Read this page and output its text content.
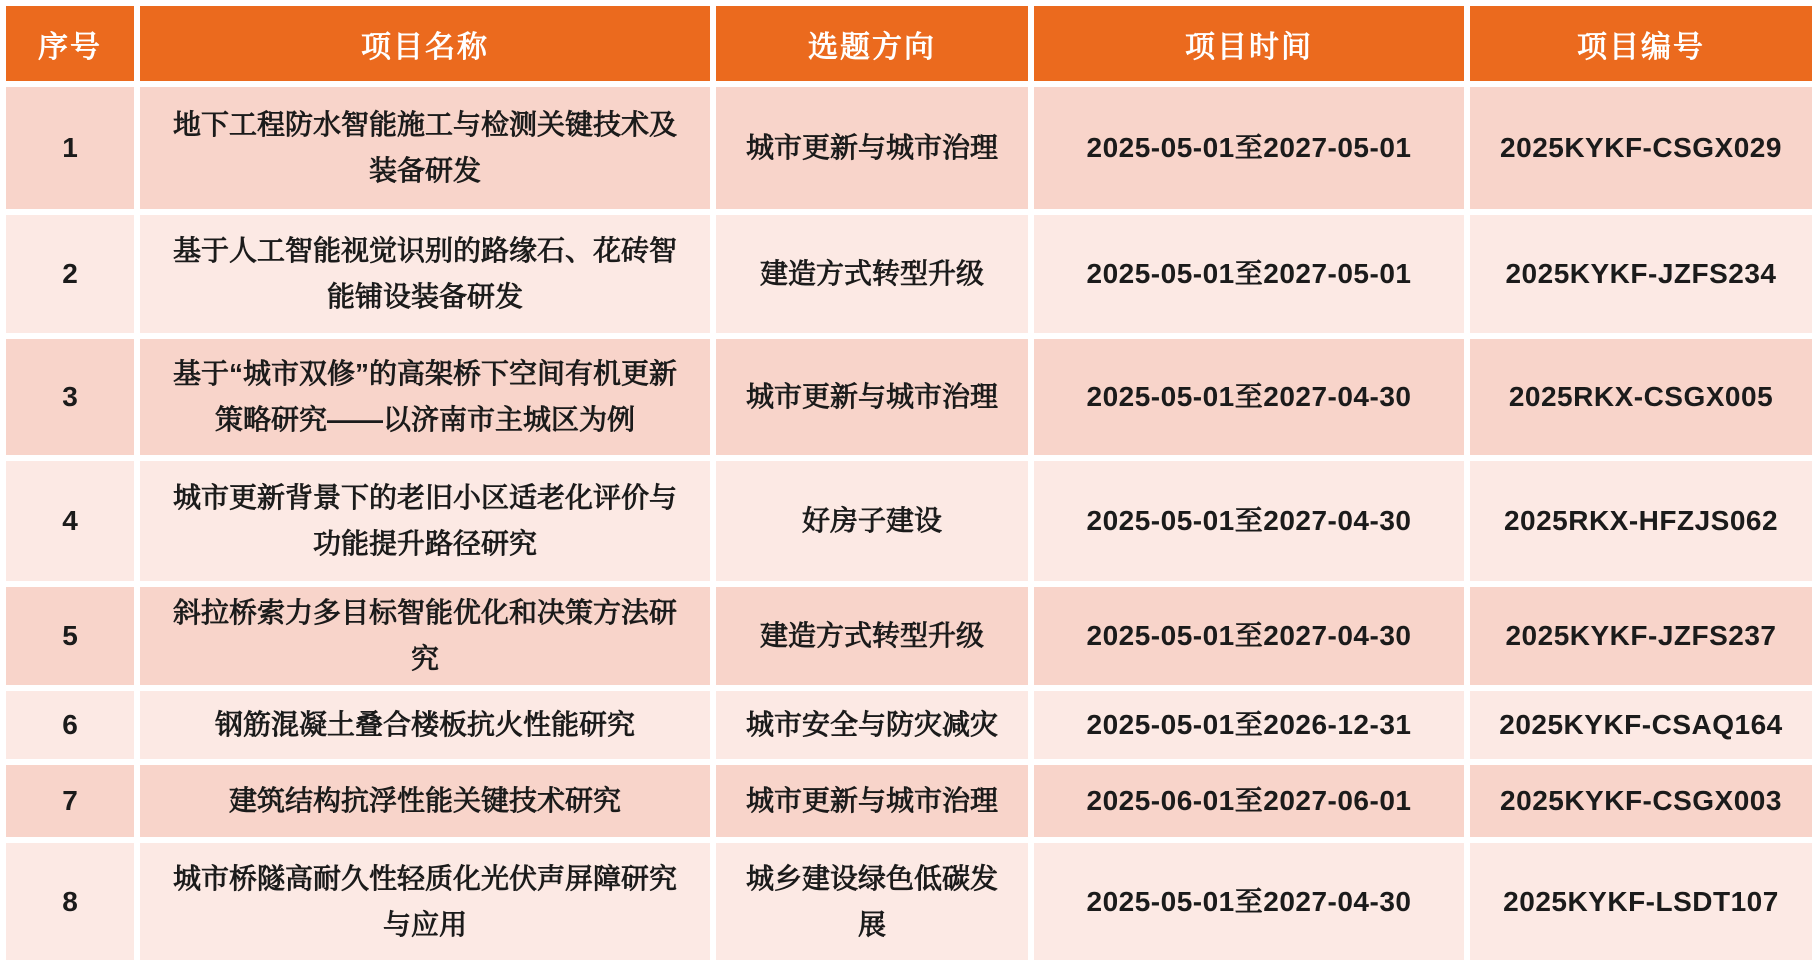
序号	项目名称	选题方向	项目时间	项目编号
1	地下工程防水智能施工与检测关键技术及装备研发	城市更新与城市治理	2025-05-01至2027-05-01	2025KYKF-CSGX029
2	基于人工智能视觉识别的路缘石、花砖智能铺设装备研发	建造方式转型升级	2025-05-01至2027-05-01	2025KYKF-JZFS234
3	基于“城市双修”的高架桥下空间有机更新策略研究——以济南市主城区为例	城市更新与城市治理	2025-05-01至2027-04-30	2025RKX-CSGX005
4	城市更新背景下的老旧小区适老化评价与功能提升路径研究	好房子建设	2025-05-01至2027-04-30	2025RKX-HFZJS062
5	斜拉桥索力多目标智能优化和决策方法研究	建造方式转型升级	2025-05-01至2027-04-30	2025KYKF-JZFS237
6	钢筋混凝土叠合楼板抗火性能研究	城市安全与防灾减灾	2025-05-01至2026-12-31	2025KYKF-CSAQ164
7	建筑结构抗浮性能关键技术研究	城市更新与城市治理	2025-06-01至2027-06-01	2025KYKF-CSGX003
8	城市桥隧高耐久性轻质化光伏声屏障研究与应用	城乡建设绿色低碳发展	2025-05-01至2027-04-30	2025KYKF-LSDT107
